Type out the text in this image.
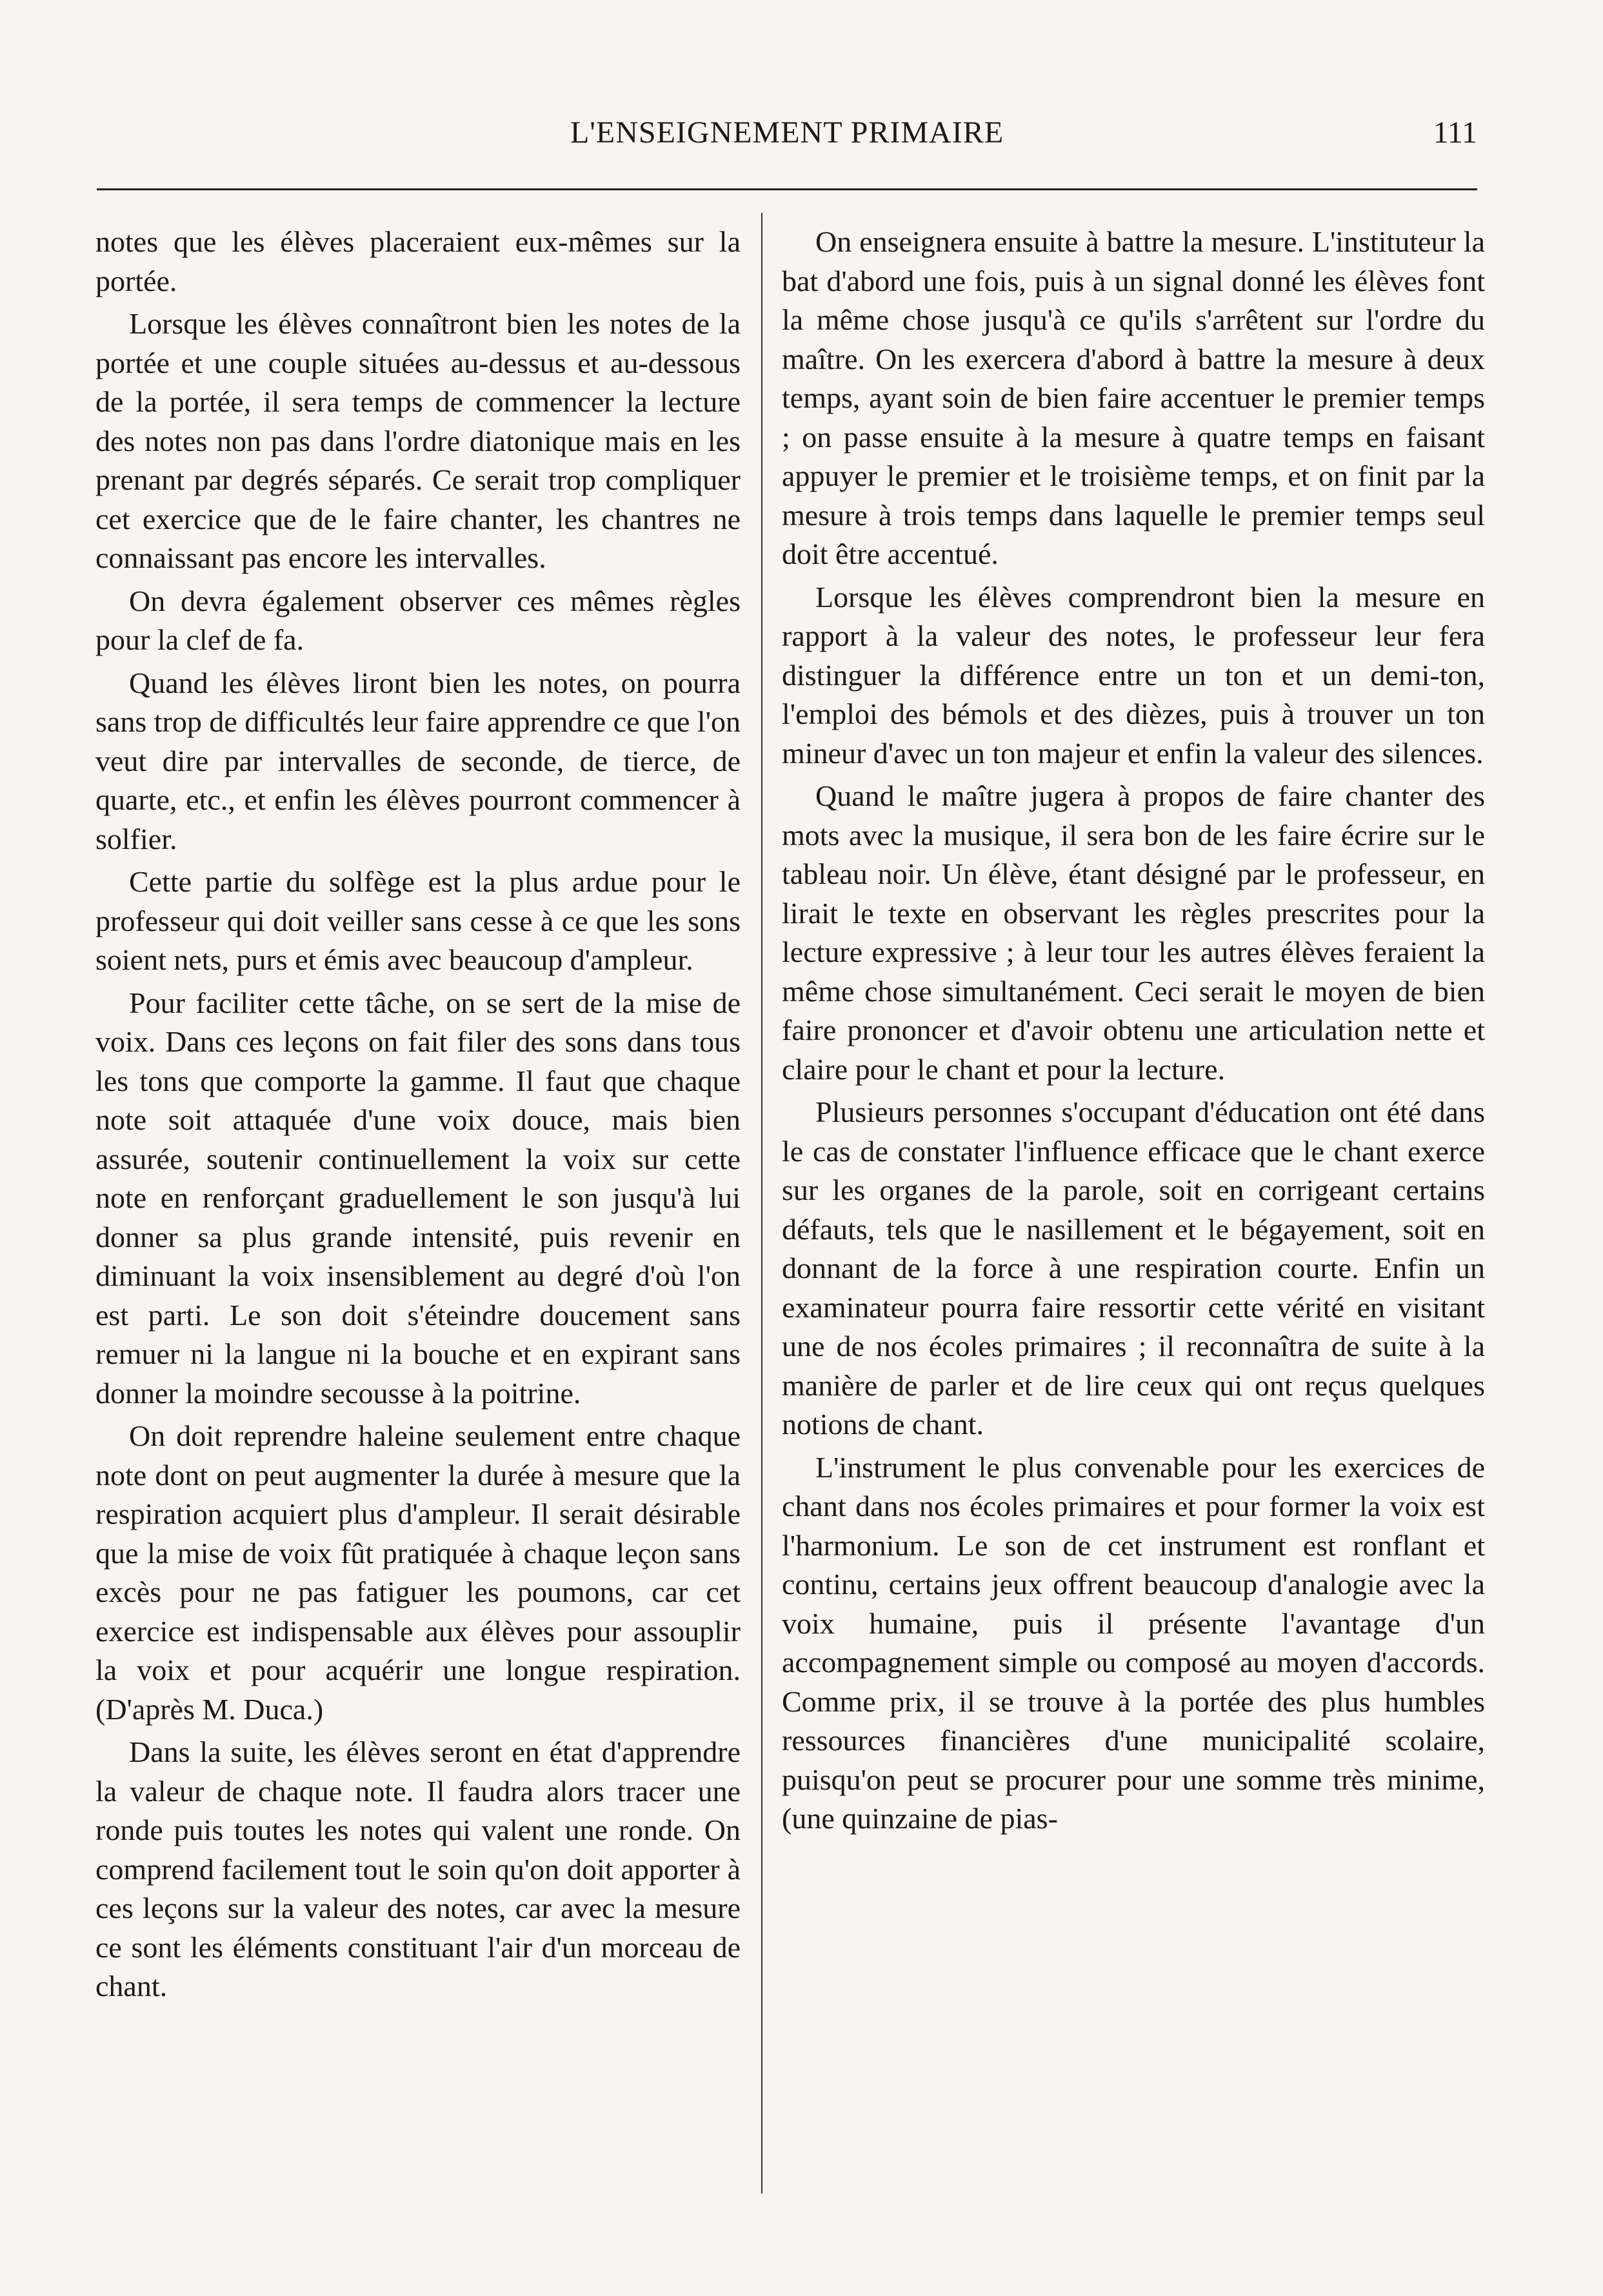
L'ENSEIGNEMENT PRIMAIRE	111

notes que les élèves placeraient eux-mêmes sur la portée.

Lorsque les élèves connaîtront bien les notes de la portée et une couple situées au-dessus et au-dessous de la portée, il sera temps de commencer la lecture des notes non pas dans l'ordre diatonique mais en les prenant par degrés séparés. Ce serait trop compliquer cet exercice que de le faire chanter, les chantres ne connaissant pas encore les intervalles.

On devra également observer ces mêmes règles pour la clef de fa.

Quand les élèves liront bien les notes, on pourra sans trop de difficultés leur faire apprendre ce que l'on veut dire par intervalles de seconde, de tierce, de quarte, etc., et enfin les élèves pourront commencer à solfier.

Cette partie du solfège est la plus ardue pour le professeur qui doit veiller sans cesse à ce que les sons soient nets, purs et émis avec beaucoup d'ampleur.

Pour faciliter cette tâche, on se sert de la mise de voix. Dans ces leçons on fait filer des sons dans tous les tons que comporte la gamme. Il faut que chaque note soit attaquée d'une voix douce, mais bien assurée, soutenir continuellement la voix sur cette note en renforçant graduellement le son jusqu'à lui donner sa plus grande intensité, puis revenir en diminuant la voix insensiblement au degré d'où l'on est parti. Le son doit s'éteindre doucement sans remuer ni la langue ni la bouche et en expirant sans donner la moindre secousse à la poitrine.

On doit reprendre haleine seulement entre chaque note dont on peut augmenter la durée à mesure que la respiration acquiert plus d'ampleur. Il serait désirable que la mise de voix fût pratiquée à chaque leçon sans excès pour ne pas fatiguer les poumons, car cet exercice est indispensable aux élèves pour assouplir la voix et pour acquérir une longue respiration. (D'après M. Duca.)

Dans la suite, les élèves seront en état d'apprendre la valeur de chaque note. Il faudra alors tracer une ronde puis toutes les notes qui valent une ronde. On comprend facilement tout le soin qu'on doit apporter à ces leçons sur la valeur des notes, car avec la mesure ce sont les éléments constituant l'air d'un morceau de chant.

On enseignera ensuite à battre la mesure. L'instituteur la bat d'abord une fois, puis à un signal donné les élèves font la même chose jusqu'à ce qu'ils s'arrêtent sur l'ordre du maître. On les exercera d'abord à battre la mesure à deux temps, ayant soin de bien faire accentuer le premier temps ; on passe ensuite à la mesure à quatre temps en faisant appuyer le premier et le troisième temps, et on finit par la mesure à trois temps dans laquelle le premier temps seul doit être accentué.

Lorsque les élèves comprendront bien la mesure en rapport à la valeur des notes, le professeur leur fera distinguer la différence entre un ton et un demi-ton, l'emploi des bémols et des dièzes, puis à trouver un ton mineur d'avec un ton majeur et enfin la valeur des silences.

Quand le maître jugera à propos de faire chanter des mots avec la musique, il sera bon de les faire écrire sur le tableau noir. Un élève, étant désigné par le professeur, en lirait le texte en observant les règles prescrites pour la lecture expressive ; à leur tour les autres élèves feraient la même chose simultanément. Ceci serait le moyen de bien faire prononcer et d'avoir obtenu une articulation nette et claire pour le chant et pour la lecture.

Plusieurs personnes s'occupant d'éducation ont été dans le cas de constater l'influence efficace que le chant exerce sur les organes de la parole, soit en corrigeant certains défauts, tels que le nasillement et le bégayement, soit en donnant de la force à une respiration courte. Enfin un examinateur pourra faire ressortir cette vérité en visitant une de nos écoles primaires ; il reconnaîtra de suite à la manière de parler et de lire ceux qui ont reçus quelques notions de chant.

L'instrument le plus convenable pour les exercices de chant dans nos écoles primaires et pour former la voix est l'harmonium. Le son de cet instrument est ronflant et continu, certains jeux offrent beaucoup d'analogie avec la voix humaine, puis il présente l'avantage d'un accompagnement simple ou composé au moyen d'accords. Comme prix, il se trouve à la portée des plus humbles ressources financières d'une municipalité scolaire, puisqu'on peut se procurer pour une somme très minime, (une quinzaine de pias-
